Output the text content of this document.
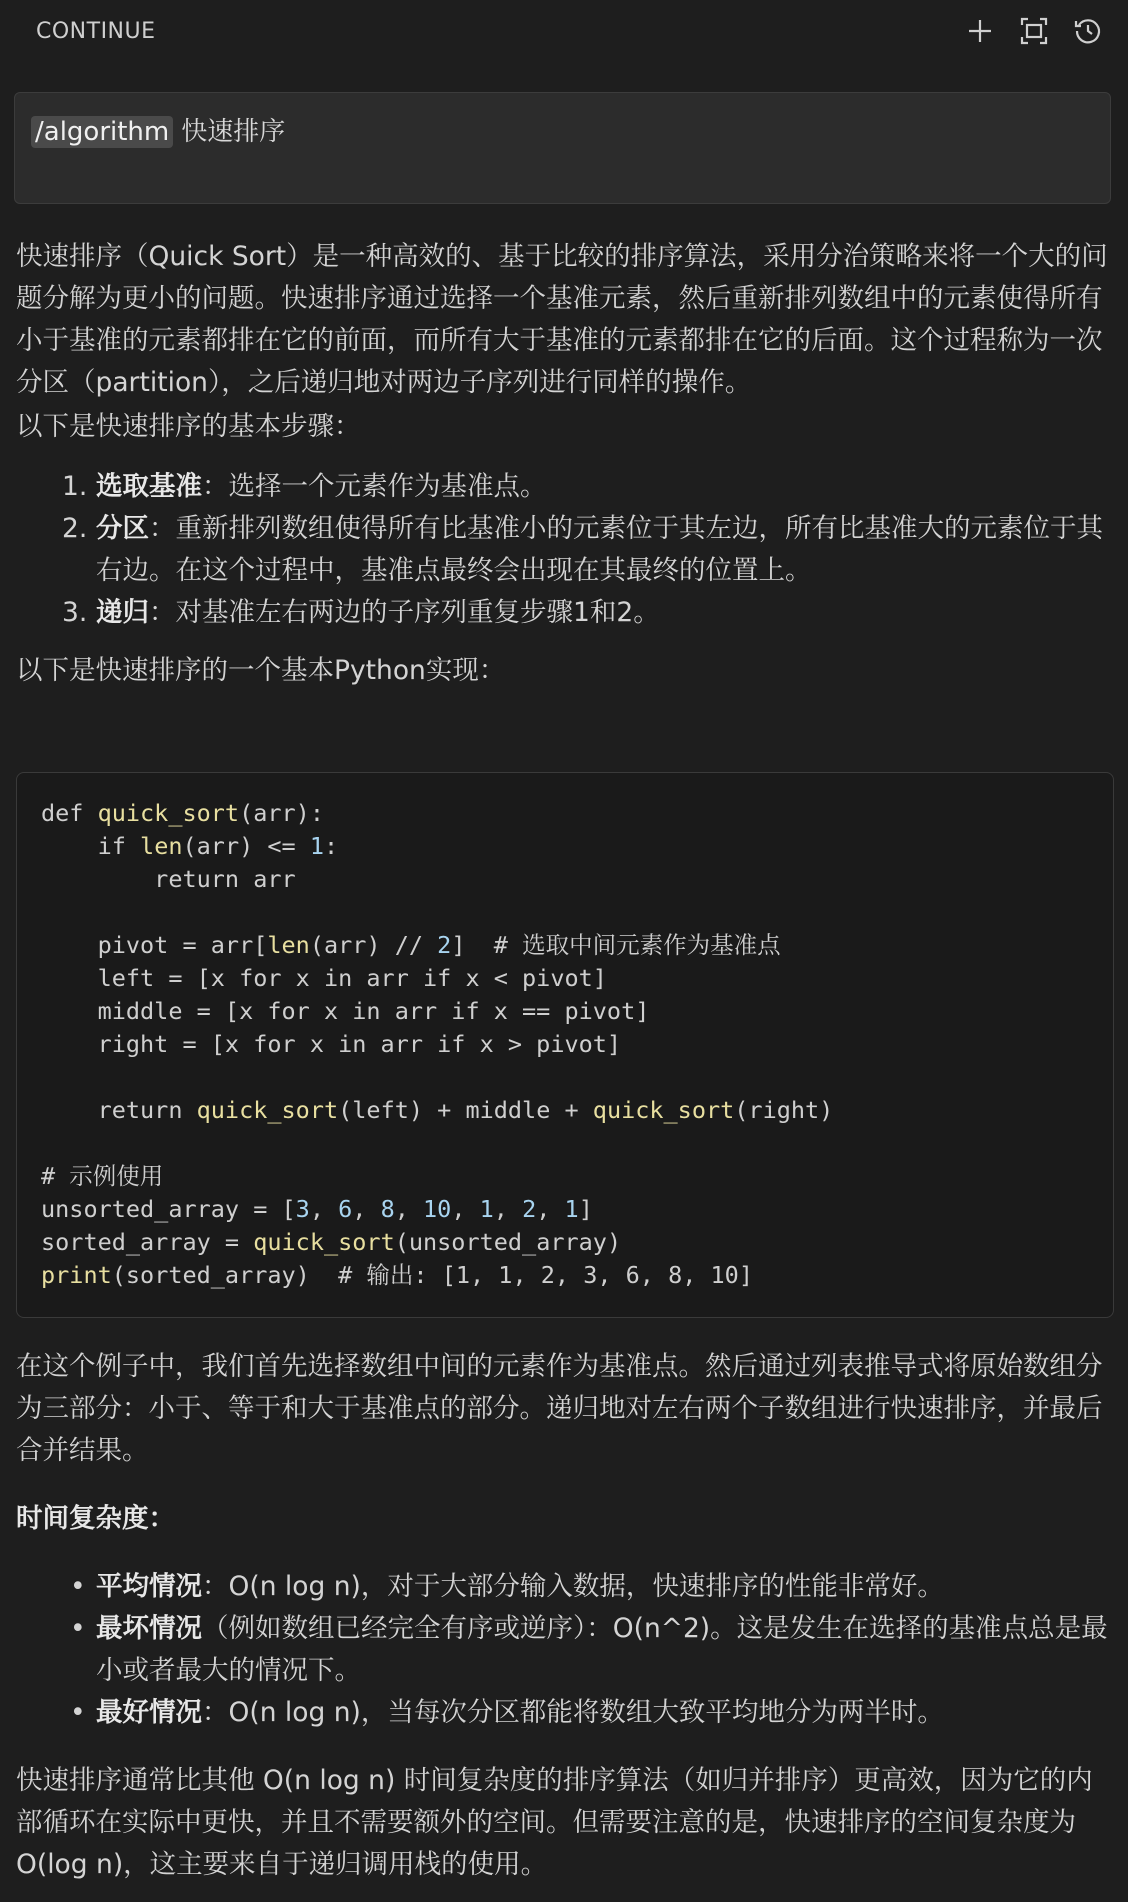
CONTINUE
/algorithm 快速排序

快速排序（Quick Sort）是一种高效的、基于比较的排序算法，采用分治策略来将一个大的问题分解为更小的问题。快速排序通过选择一个基准元素，然后重新排列数组中的元素使得所有小于基准的元素都排在它的前面，而所有大于基准的元素都排在它的后面。这个过程称为一次分区（partition），之后递归地对两边子序列进行同样的操作。

以下是快速排序的基本步骤：

选取基准：选择一个元素作为基准点。
分区：重新排列数组使得所有比基准小的元素位于其左边，所有比基准大的元素位于其右边。在这个过程中，基准点最终会出现在其最终的位置上。
递归：对基准左右两边的子序列重复步骤1和2。

以下是快速排序的一个基本Python实现：

def quick_sort(arr):
if len(arr) <= 1:
return arr
pivot = arr[len(arr) // 2]  # 选取中间元素作为基准点
left = [x for x in arr if x < pivot]
middle = [x for x in arr if x == pivot]
right = [x for x in arr if x > pivot]
return quick_sort(left) + middle + quick_sort(right)
# 示例使用
unsorted_array = [3, 6, 8, 10, 1, 2, 1]
sorted_array = quick_sort(unsorted_array)
print(sorted_array)  # 输出: [1, 1, 2, 3, 6, 8, 10]

在这个例子中，我们首先选择数组中间的元素作为基准点。然后通过列表推导式将原始数组分为三部分：小于、等于和大于基准点的部分。递归地对左右两个子数组进行快速排序，并最后合并结果。

时间复杂度：

• 平均情况：O(n log n)，对于大部分输入数据，快速排序的性能非常好。
• 最坏情况（例如数组已经完全有序或逆序）：O(n^2)。这是发生在选择的基准点总是最小或者最大的情况下。
• 最好情况：O(n log n)，当每次分区都能将数组大致平均地分为两半时。

快速排序通常比其他 O(n log n) 时间复杂度的排序算法（如归并排序）更高效，因为它的内部循环在实际中更快，并且不需要额外的空间。但需要注意的是，快速排序的空间复杂度为 O(log n)，这主要来自于递归调用栈的使用。
